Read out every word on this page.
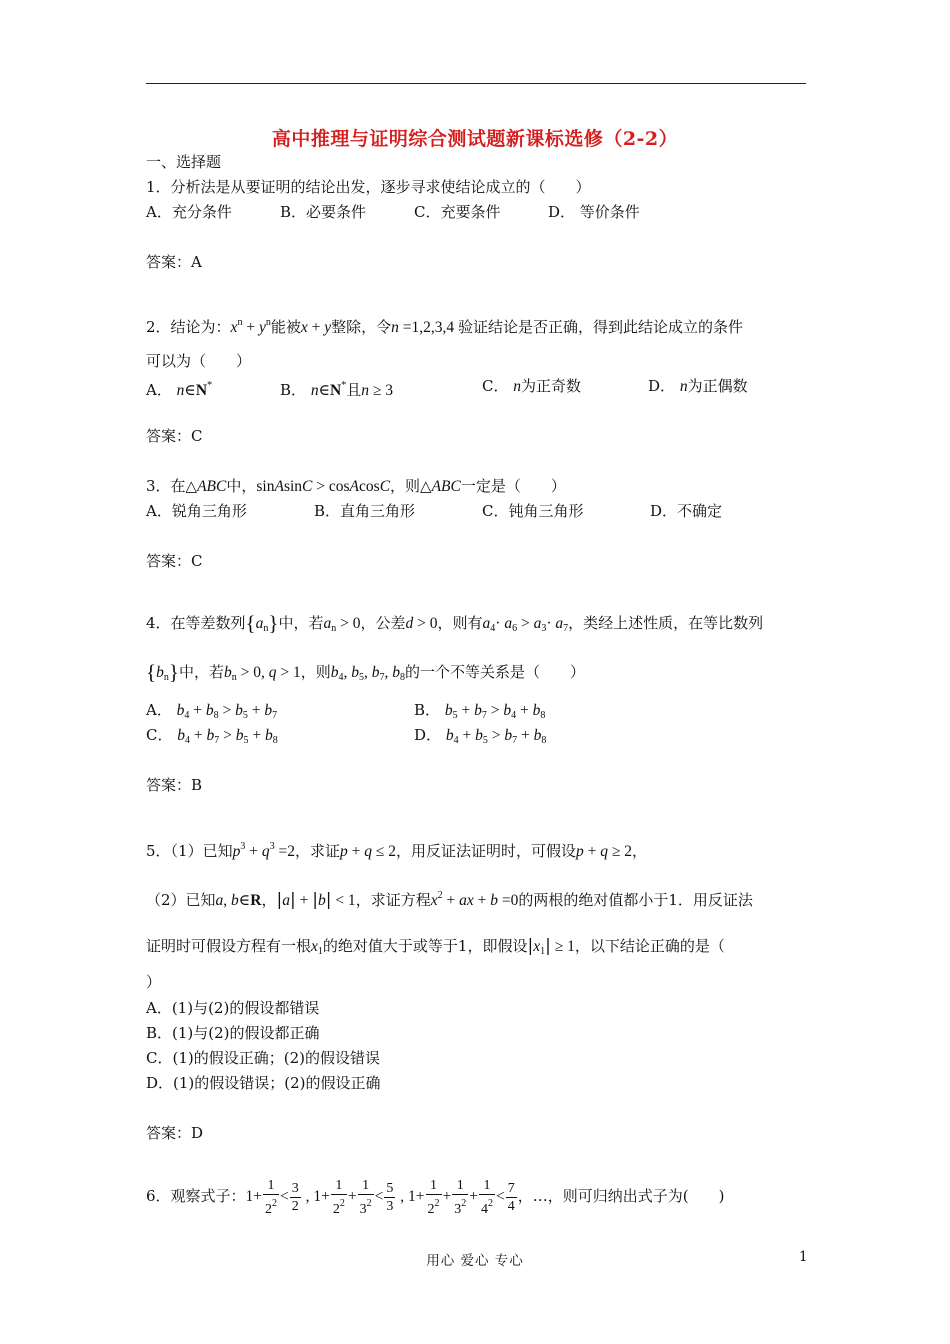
高中推理与证明综合测试题新课标选修（2-2）
一、选择题
1．分析法是从要证明的结论出发，逐步寻求使结论成立的（　　）
A．充分条件	B．必要条件	C．充要条件	D． 等价条件
答案：A
2．结论为：$x^n + y^n$能被x + y整除，令n =1,2,3,4 验证结论是否正确，得到此结论成立的条件
可以为（　　）
A． n∈N*	B． n∈N*且n ≥ 3	C． n为正奇数	D． n为正偶数
答案：C
3．在△ABC中，sinAsinC > cosAcosC，则△ABC一定是（　　）
A．锐角三角形	B．直角三角形	C．钝角三角形	D．不确定
答案：C
4．在等差数列$\{a_n\}$中，若$a_n > 0$，公差d > 0，则有$a_4\cdot a_6 > a_3\cdot a_7$，类经上述性质，在等比数列
$\{b_n\}$中，若$b_n > 0$, q > 1，则$b_4$, $b_5$, $b_7$, $b_8$的一个不等关系是（　　）
A． $b_4 + b_8 > b_5 + b_7$	B． $b_5 + b_7 > b_4 + b_8$
C． $b_4 + b_7 > b_5 + b_8$	D． $b_4 + b_5 > b_7 + b_8$
答案：B
5．（1）已知$p^3 + q^3 =2$，求证p + q ≤ 2，用反证法证明时，可假设p + q ≥ 2，
（2）已知a, b∈R，|a| + |b| < 1，求证方程$x^2$ + ax + b =0的两根的绝对值都小于1．用反证法
证明时可假设方程有一根$x_1$的绝对值大于或等于1，即假设$|x_1| \ge 1$，以下结论正确的是（
）
A．(1)与(2)的假设都错误
B．(1)与(2)的假设都正确
C．(1)的假设正确；(2)的假设错误
D．(1)的假设错误；(2)的假设正确
答案：D
6．观察式子：$1+ \frac{1}{2^2} < \frac{3}{2}$ , $1+ \frac{1}{2^2} + \frac{1}{3^2} < \frac{5}{3}$ , $1+ \frac{1}{2^2} + \frac{1}{3^2} + \frac{1}{4^2} < \frac{7}{4}$ ，…，则可归纳出式子为(　　)
用心 爱心 专心	1
